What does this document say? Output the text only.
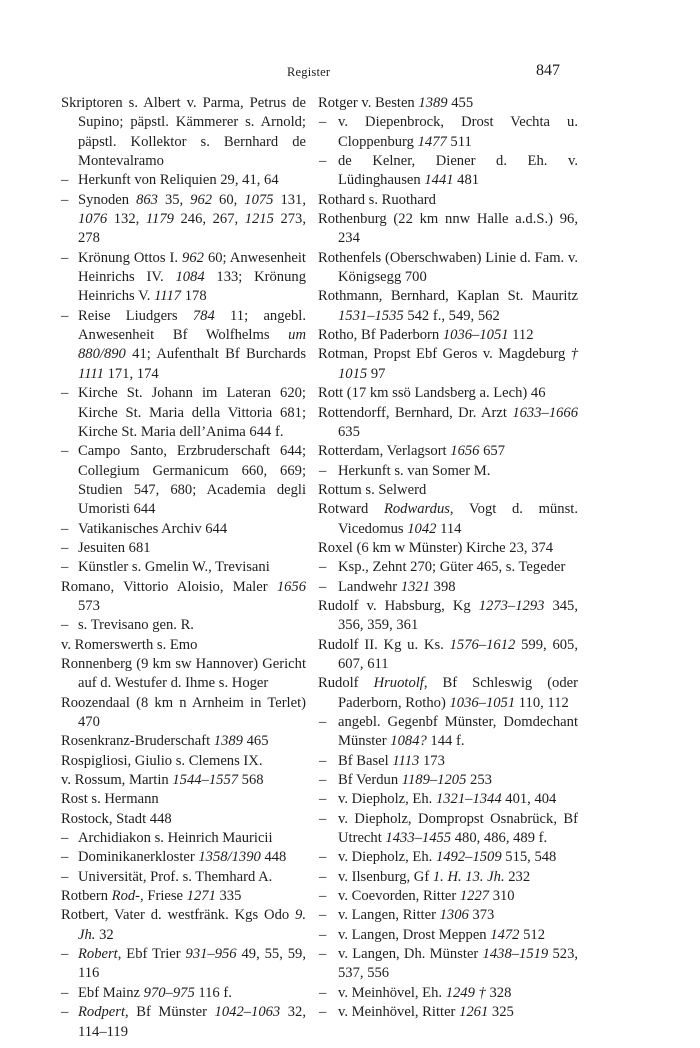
Register	847
Skriptoren s. Albert v. Parma, Petrus de Supino; päpstl. Kämmerer s. Arnold; päpstl. Kollektor s. Bernhard de Montevalramo
– Herkunft von Reliquien 29, 41, 64
– Synoden 863 35, 962 60, 1075 131, 1076 132, 1179 246, 267, 1215 273, 278
– Krönung Ottos I. 962 60; Anwesenheit Heinrichs IV. 1084 133; Krönung Heinrichs V. 1117 178
– Reise Liudgers 784 11; angebl. Anwesenheit Bf Wolfhelms um 880/890 41; Aufenthalt Bf Burchards 1111 171, 174
– Kirche St. Johann im Lateran 620; Kirche St. Maria della Vittoria 681; Kirche St. Maria dell’Anima 644 f.
– Campo Santo, Erzbruderschaft 644; Collegium Germanicum 660, 669; Studien 547, 680; Academia degli Umoristi 644
– Vatikanisches Archiv 644
– Jesuiten 681
– Künstler s. Gmelin W., Trevisani
Romano, Vittorio Aloisio, Maler 1656 573
– s. Trevisano gen. R.
v. Romerswerth s. Emo
Ronnenberg (9 km sw Hannover) Gericht auf d. Westufer d. Ihme s. Hoger
Roozendaal (8 km n Arnheim in Terlet) 470
Rosenkranz-Bruderschaft 1389 465
Rospigliosi, Giulio s. Clemens IX.
v. Rossum, Martin 1544–1557 568
Rost s. Hermann
Rostock, Stadt 448
– Archidiakon s. Heinrich Mauricii
– Dominikanerkloster 1358/1390 448
– Universität, Prof. s. Themhard A.
Rotbern Rod-, Friese 1271 335
Rotbert, Vater d. westfränk. Kgs Odo 9. Jh. 32
– Robert, Ebf Trier 931–956 49, 55, 59, 116
– Ebf Mainz 970–975 116 f.
– Rodpert, Bf Münster 1042–1063 32, 114–119
Rotger v. Besten 1389 455
– v. Diepenbrock, Drost Vechta u. Cloppenburg 1477 511
– de Kelner, Diener d. Eh. v. Lüdinghausen 1441 481
Rothard s. Ruothard
Rothenburg (22 km nnw Halle a.d.S.) 96, 234
Rothenfels (Oberschwaben) Linie d. Fam. v. Königsegg 700
Rothmann, Bernhard, Kaplan St. Mauritz 1531–1535 542 f., 549, 562
Rotho, Bf Paderborn 1036–1051 112
Rotman, Propst Ebf Geros v. Magdeburg † 1015 97
Rott (17 km ssö Landsberg a. Lech) 46
Rottendorff, Bernhard, Dr. Arzt 1633–1666 635
Rotterdam, Verlagsort 1656 657
– Herkunft s. van Somer M.
Rottum s. Selwerd
Rotward Rodwardus, Vogt d. münst. Vicedomus 1042 114
Roxel (6 km w Münster) Kirche 23, 374
– Ksp., Zehnt 270; Güter 465, s. Tegeder
– Landwehr 1321 398
Rudolf v. Habsburg, Kg 1273–1293 345, 356, 359, 361
Rudolf II. Kg u. Ks. 1576–1612 599, 605, 607, 611
Rudolf Hruotolf, Bf Schleswig (oder Paderborn, Rotho) 1036–1051 110, 112
– angebl. Gegenbf Münster, Domdechant Münster 1084? 144 f.
– Bf Basel 1113 173
– Bf Verdun 1189–1205 253
– v. Diepholz, Eh. 1321–1344 401, 404
– v. Diepholz, Dompropst Osnabrück, Bf Utrecht 1433–1455 480, 486, 489 f.
– v. Diepholz, Eh. 1492–1509 515, 548
– v. Ilsenburg, Gf 1. H. 13. Jh. 232
– v. Coevorden, Ritter 1227 310
– v. Langen, Ritter 1306 373
– v. Langen, Drost Meppen 1472 512
– v. Langen, Dh. Münster 1438–1519 523, 537, 556
– v. Meinhövel, Eh. 1249 † 328
– v. Meinhövel, Ritter 1261 325
